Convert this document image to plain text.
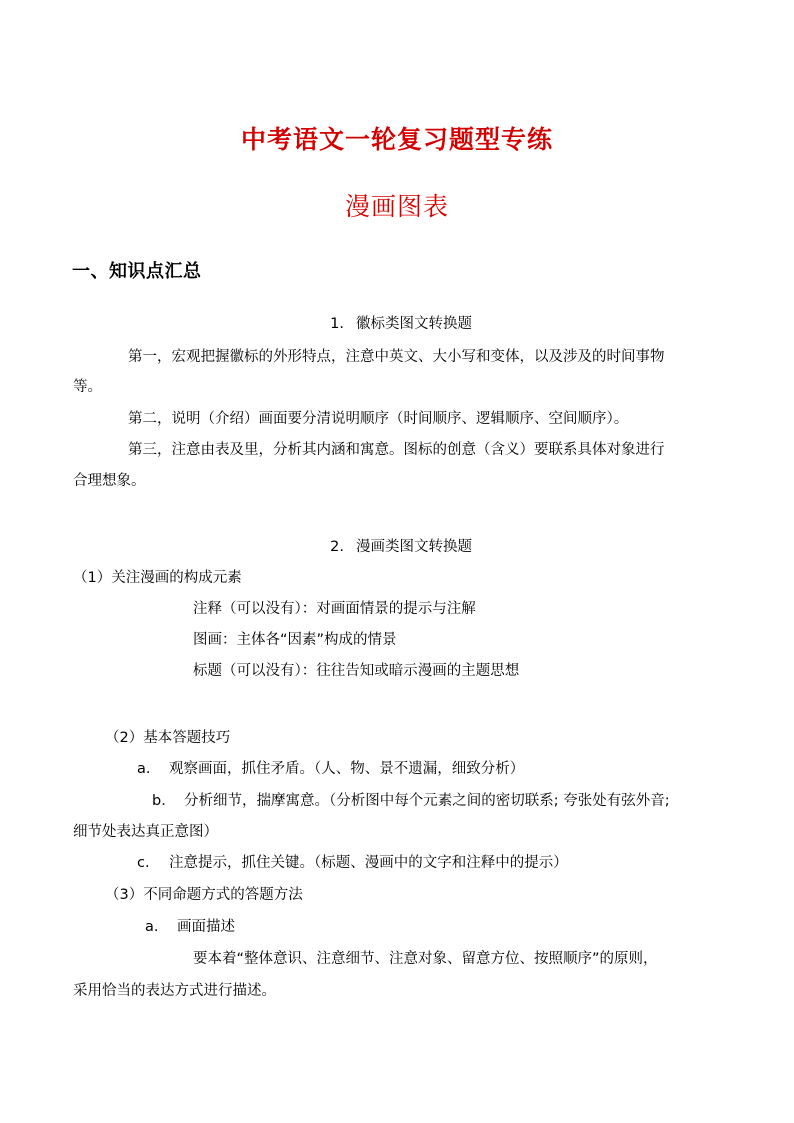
中考语文一轮复习题型专练
漫画图表
一、知识点汇总
1. 徽标类图文转换题
第一，宏观把握徽标的外形特点，注意中英文、大小写和变体，以及涉及的时间事物
等。
第二，说明（介绍）画面要分清说明顺序（时间顺序、逻辑顺序、空间顺序）。
第三，注意由表及里，分析其内涵和寓意。图标的创意（含义）要联系具体对象进行
合理想象。
2. 漫画类图文转换题
（1）关注漫画的构成元素
注释（可以没有）：对画面情景的提示与注解
图画：主体各“因素”构成的情景
标题（可以没有）：往往告知或暗示漫画的主题思想
（2）基本答题技巧
a. 观察画面，抓住矛盾。（人、物、景不遗漏，细致分析）
b. 分析细节，揣摩寓意。（分析图中每个元素之间的密切联系; 夸张处有弦外音;
细节处表达真正意图）
c. 注意提示，抓住关键。（标题、漫画中的文字和注释中的提示）
（3）不同命题方式的答题方法
a. 画面描述
要本着“整体意识、注意细节、注意对象、留意方位、按照顺序”的原则，
采用恰当的表达方式进行描述。
